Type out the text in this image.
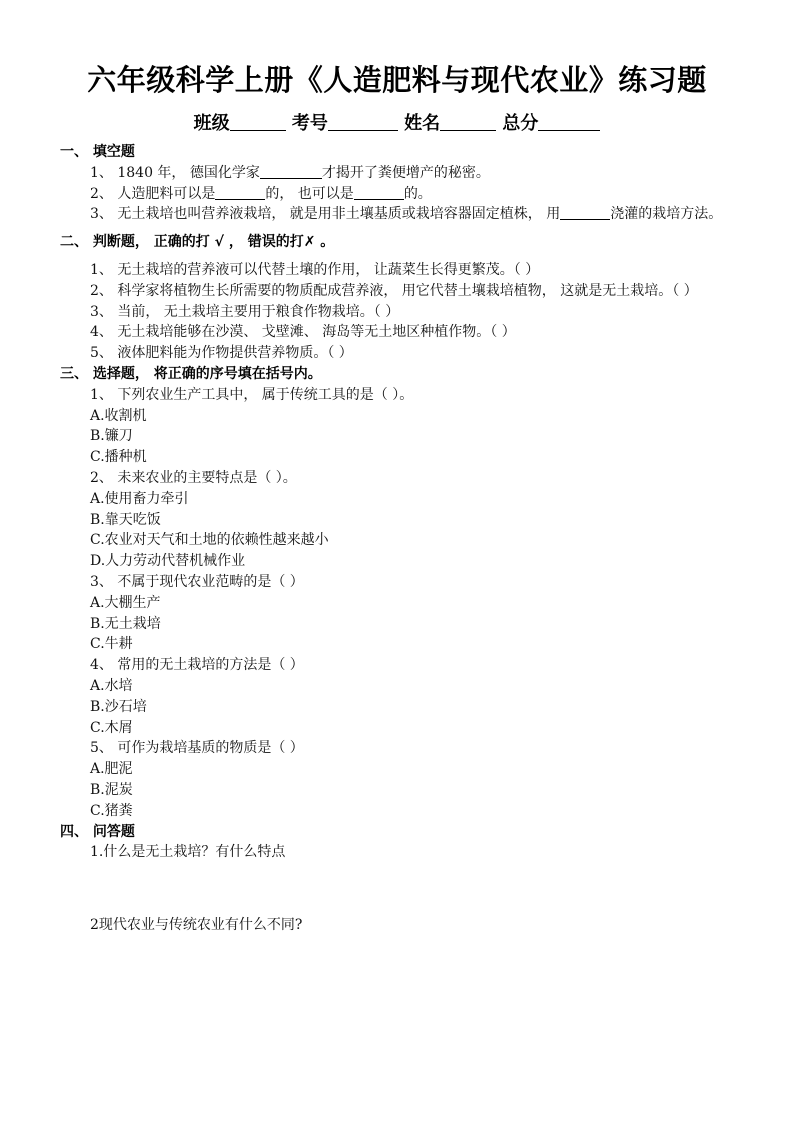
六年级科学上册《人造肥料与现代农业》练习题
班级	考号	姓名	总分
一、 填空题
1、 1840 年， 德国化学家	才揭开了粪便增产的秘密。
2、 人造肥料可以是	的， 也可以是	的。
3、 无土栽培也叫营养液栽培， 就是用非土壤基质或栽培容器固定植株， 用	浇灌的栽培方法。
二、 判断题， 正确的打 √ ， 错误的打✗ 。
1、 无土栽培的营养液可以代替土壤的作用， 让蔬菜生长得更繁茂。（ ）
2、 科学家将植物生长所需要的物质配成营养液， 用它代替土壤栽培植物， 这就是无土栽培。（ ）
3、 当前， 无土栽培主要用于粮食作物栽培。（ ）
4、 无土栽培能够在沙漠、 戈壁滩、 海岛等无土地区种植作物。（ ）
5、 液体肥料能为作物提供营养物质。（ ）
三、 选择题， 将正确的序号填在括号内。
1、 下列农业生产工具中， 属于传统工具的是（ ）。
A.收割机
B.镰刀
C.播种机
2、 未来农业的主要特点是（ ）。
A.使用畜力牵引
B.靠天吃饭
C.农业对天气和土地的依赖性越来越小
D.人力劳动代替机械作业
3、 不属于现代农业范畴的是（ ）
A.大棚生产
B.无土栽培
C.牛耕
4、 常用的无土栽培的方法是（ ）
A.水培
B.沙石培
C.木屑
5、 可作为栽培基质的物质是（ ）
A.肥泥
B.泥炭
C.猪粪
四、 问答题
1.什么是无土栽培？有什么特点
2现代农业与传统农业有什么不同?
